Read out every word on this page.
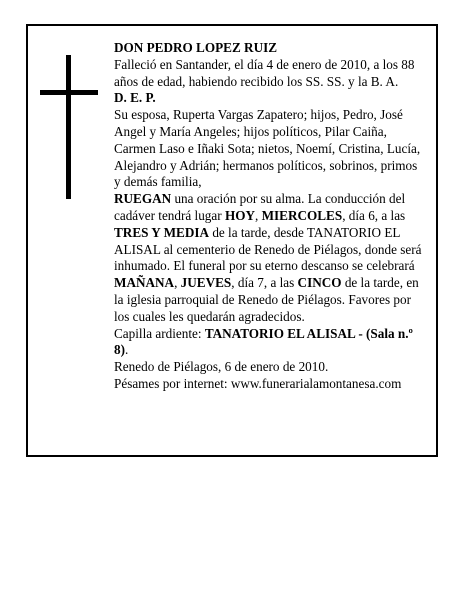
DON PEDRO LOPEZ RUIZ

Falleció en Santander, el día 4 de enero de 2010, a los 88 años de edad, habiendo recibido los SS. SS. y la B. A.

D. E. P.

Su esposa, Ruperta Vargas Zapatero; hijos, Pedro, José Angel y María Angeles; hijos políticos, Pilar Caiña, Carmen Laso e Iñaki Sota; nietos, Noemí, Cristina, Lucía, Alejandro y Adrián; hermanos políticos, sobrinos, primos y demás familia,

RUEGAN una oración por su alma. La conducción del cadáver tendrá lugar HOY, MIERCOLES, día 6, a las TRES Y MEDIA de la tarde, desde TANATORIO EL ALISAL al cementerio de Renedo de Piélagos, donde será inhumado. El funeral por su eterno descanso se celebrará MAÑANA, JUEVES, día 7, a las CINCO de la tarde, en la iglesia parroquial de Renedo de Piélagos. Favores por los cuales les quedarán agradecidos.

Capilla ardiente: TANATORIO EL ALISAL - (Sala n.º 8).

Renedo de Piélagos, 6 de enero de 2010.

Pésames por internet: www.funerarialamontanesa.com
